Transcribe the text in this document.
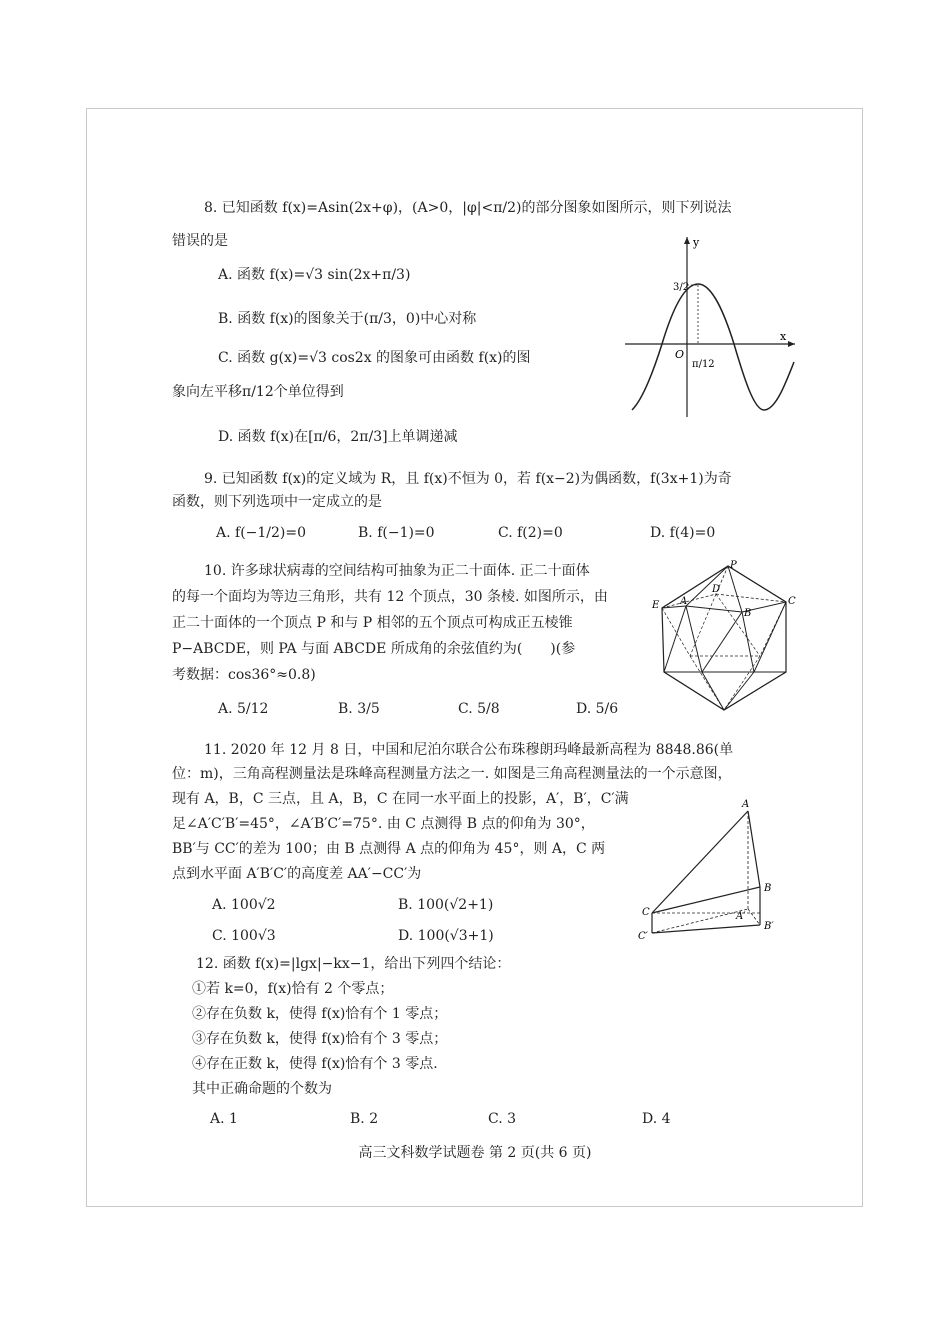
8. 已知函数 f(x)=Asin(2x+φ)，(A>0，|φ|<π/2)的部分图象如图所示，则下列说法
错误的是
A. 函数 f(x)=√3 sin(2x+π/3)
B. 函数 f(x)的图象关于(π/3，0)中心对称
C. 函数 g(x)=√3 cos2x 的图象可由函数 f(x)的图
象向左平移π/12个单位得到
D. 函数 f(x)在[π/6，2π/3]上单调递减
y
x
O
3/2
π/12
9. 已知函数 f(x)的定义域为 R，且 f(x)不恒为 0，若 f(x−2)为偶函数，f(3x+1)为奇
函数，则下列选项中一定成立的是
A. f(−1/2)=0	B. f(−1)=0	C. f(2)=0	D. f(4)=0
10. 许多球状病毒的空间结构可抽象为正二十面体. 正二十面体
的每一个面均为等边三角形，共有 12 个顶点，30 条棱. 如图所示，由
正二十面体的一个顶点 P 和与 P 相邻的五个顶点可构成正五棱锥
P−ABCDE，则 PA 与面 ABCDE 所成角的余弦值约为(　　)(参
考数据：cos36°≈0.8)
A. 5/12	B. 3/5	C. 5/8	D. 5/6
P
A
B
C
D
E
11. 2020 年 12 月 8 日，中国和尼泊尔联合公布珠穆朗玛峰最新高程为 8848.86(单
位：m)，三角高程测量法是珠峰高程测量方法之一. 如图是三角高程测量法的一个示意图，
现有 A，B，C 三点，且 A，B，C 在同一水平面上的投影，A′，B′，C′满
足∠A′C′B′=45°，∠A′B′C′=75°. 由 C 点测得 B 点的仰角为 30°，
BB′与 CC′的差为 100；由 B 点测得 A 点的仰角为 45°，则 A，C 两
点到水平面 A′B′C′的高度差 AA′−CC′为
A. 100√2	B. 100(√2+1)
C. 100√3	D. 100(√3+1)
A
B
C	A′
B′
C′
12. 函数 f(x)=|lgx|−kx−1，给出下列四个结论：
①若 k=0，f(x)恰有 2 个零点；
②存在负数 k，使得 f(x)恰有个 1 零点；
③存在负数 k，使得 f(x)恰有个 3 零点；
④存在正数 k，使得 f(x)恰有个 3 零点.
其中正确命题的个数为
A. 1	B. 2	C. 3	D. 4
高三文科数学试题卷 第 2 页(共 6 页)
